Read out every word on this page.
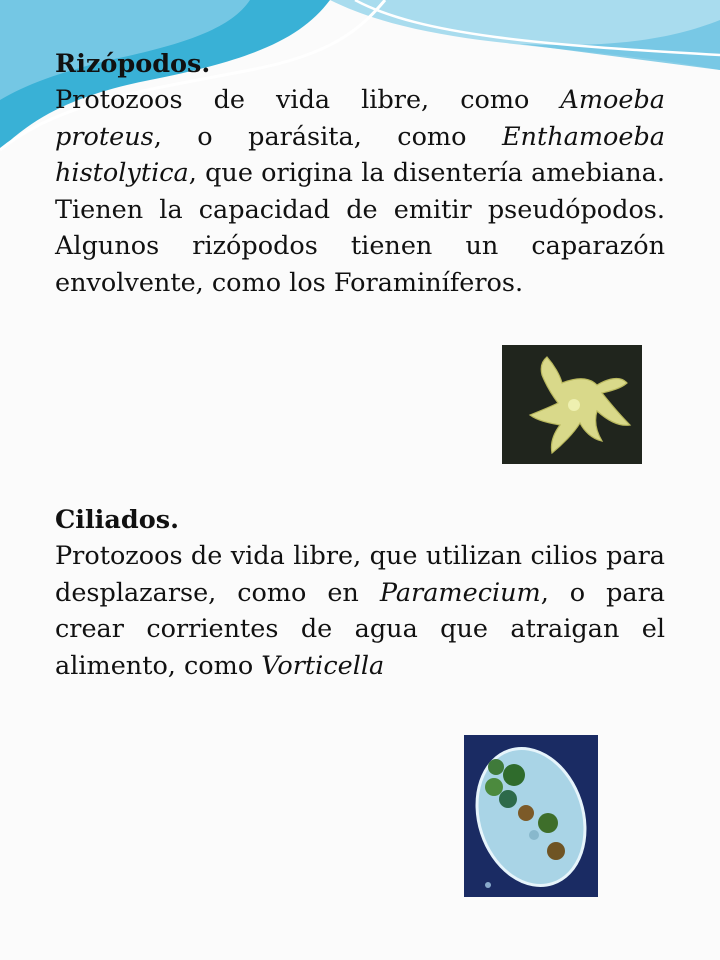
Rizópodos.

Protozoos de vida libre, como Amoeba proteus, o parásita, como Enthamoeba histolytica, que origina la disentería amebiana. Tienen la capacidad de emitir pseudópodos. Algunos rizópodos tienen un caparazón envolvente, como los Foraminíferos.

Ciliados.

Protozoos de vida libre, que utilizan cilios para desplazarse, como en Paramecium, o para crear corrientes de agua que atraigan el alimento, como Vorticella
